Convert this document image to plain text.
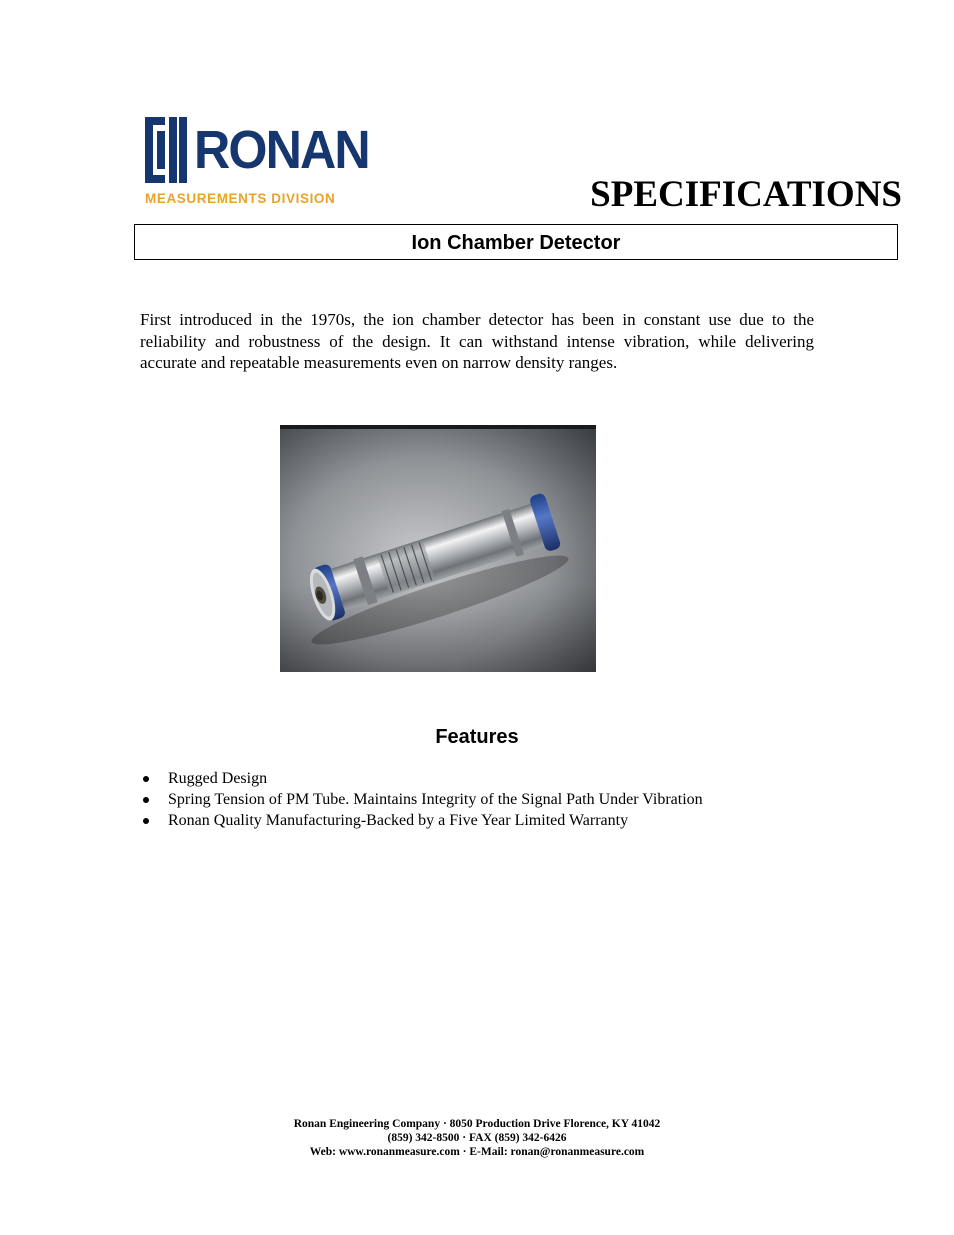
RONAN
MEASUREMENTS DIVISION	SPECIFICATIONS
Ion Chamber Detector

First introduced in the 1970s, the ion chamber detector has been in constant use due to the reliability and robustness of the design. It can withstand intense vibration, while delivering accurate and repeatable measurements even on narrow density ranges.

Features
Rugged Design
Spring Tension of PM Tube. Maintains Integrity of the Signal Path Under Vibration
Ronan Quality Manufacturing-Backed by a Five Year Limited Warranty
Ronan Engineering Company · 8050 Production Drive Florence, KY 41042
(859) 342-8500 · FAX (859) 342-6426
Web: www.ronanmeasure.com · E-Mail: ronan@ronanmeasure.com
